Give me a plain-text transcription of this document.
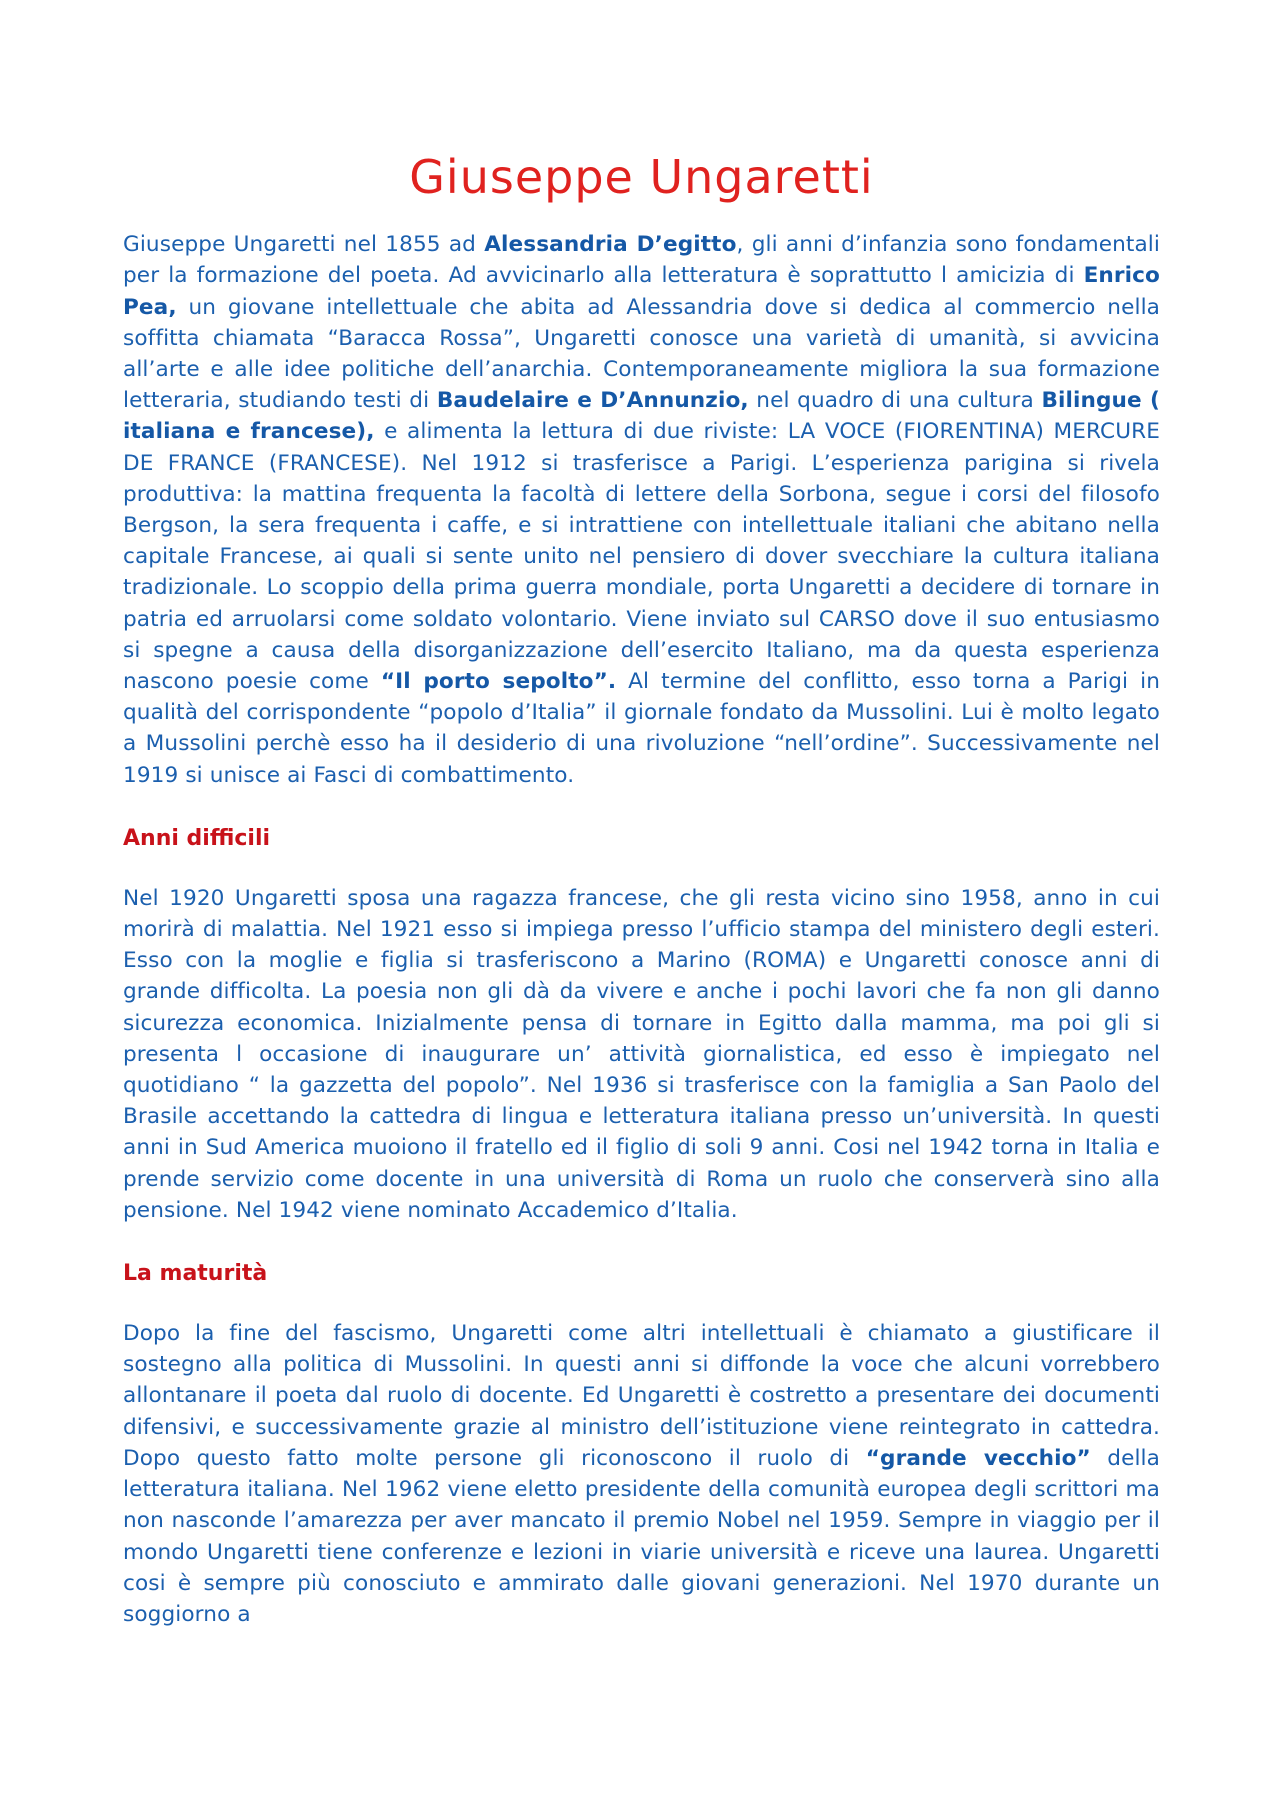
Giuseppe Ungaretti

Giuseppe Ungaretti nel 1855 ad Alessandria D’egitto, gli anni d’infanzia sono fondamentali per la formazione del poeta. Ad avvicinarlo alla letteratura è soprattutto l amicizia di Enrico Pea, un giovane intellettuale che abita ad Alessandria dove si dedica al commercio nella soffitta chiamata “Baracca Rossa”, Ungaretti conosce una varietà di umanità, si avvicina all’arte e alle idee politiche dell’anarchia. Contemporaneamente migliora la sua formazione letteraria, studiando testi di Baudelaire e D’Annunzio, nel quadro di una cultura Bilingue ( italiana e francese), e alimenta la lettura di due riviste: LA VOCE (FIORENTINA) MERCURE DE FRANCE (FRANCESE). Nel 1912 si trasferisce a Parigi. L’esperienza parigina si rivela produttiva: la mattina frequenta la facoltà di lettere della Sorbona, segue i corsi del filosofo Bergson, la sera frequenta i caffe, e si intrattiene con intellettuale italiani che abitano nella capitale Francese, ai quali si sente unito nel pensiero di dover svecchiare la cultura italiana tradizionale. Lo scoppio della prima guerra mondiale, porta Ungaretti a decidere di tornare in patria ed arruolarsi come soldato volontario. Viene inviato sul CARSO dove il suo entusiasmo si spegne a causa della disorganizzazione dell’esercito Italiano, ma da questa esperienza nascono poesie come “Il porto sepolto”. Al termine del conflitto, esso torna a Parigi in qualità del corrispondente “popolo d’Italia” il giornale fondato da Mussolini. Lui è molto legato a Mussolini perchè esso ha il desiderio di una rivoluzione “nell’ordine”. Successivamente nel 1919 si unisce ai Fasci di combattimento.

Anni difficili

Nel 1920 Ungaretti sposa una ragazza francese, che gli resta vicino sino 1958, anno in cui morirà di malattia. Nel 1921 esso si impiega presso l’ufficio stampa del ministero degli esteri. Esso con la moglie e figlia si trasferiscono a Marino (ROMA) e Ungaretti conosce anni di grande difficolta. La poesia non gli dà da vivere e anche i pochi lavori che fa non gli danno sicurezza economica. Inizialmente pensa di tornare in Egitto dalla mamma, ma poi gli si presenta l occasione di inaugurare un’ attività giornalistica, ed esso è impiegato nel quotidiano “ la gazzetta del popolo”. Nel 1936 si trasferisce con la famiglia a San Paolo del Brasile accettando la cattedra di lingua e letteratura italiana presso un’università. In questi anni in Sud America muoiono il fratello ed il figlio di soli 9 anni. Cosi nel 1942 torna in Italia e prende servizio come docente in una università di Roma un ruolo che conserverà sino alla pensione. Nel 1942 viene nominato Accademico d’Italia.

La maturità

Dopo la fine del fascismo, Ungaretti come altri intellettuali è chiamato a giustificare il sostegno alla politica di Mussolini. In questi anni si diffonde la voce che alcuni vorrebbero allontanare il poeta dal ruolo di docente. Ed Ungaretti è costretto a presentare dei documenti difensivi, e successivamente grazie al ministro dell’istituzione viene reintegrato in cattedra. Dopo questo fatto molte persone gli riconoscono il ruolo di “grande vecchio” della letteratura italiana. Nel 1962 viene eletto presidente della comunità europea degli scrittori ma non nasconde l’amarezza per aver mancato il premio Nobel nel 1959. Sempre in viaggio per il mondo Ungaretti tiene conferenze e lezioni in viarie università e riceve una laurea. Ungaretti cosi è sempre più conosciuto e ammirato dalle giovani generazioni. Nel 1970 durante un soggiorno a
